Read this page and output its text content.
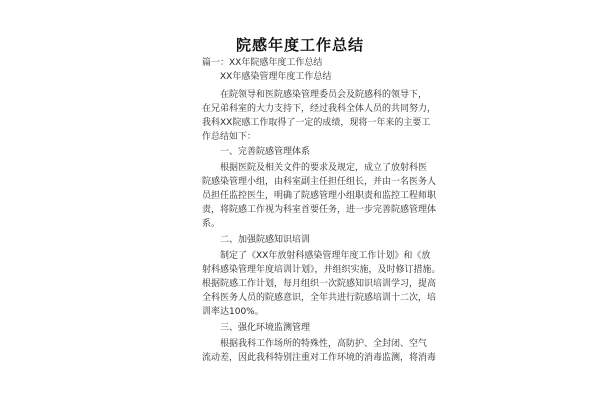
院感年度工作总结
篇一：XX年院感年度工作总结
XX年感染管理年度工作总结
在院领导和医院感染管理委员会及院感科的领导下，
在兄弟科室的大力支持下，经过我科全体人员的共同努力，
我科XX院感工作取得了一定的成绩，现将一年来的主要工
作总结如下：
一、完善院感管理体系
根据医院及相关文件的要求及规定，成立了放射科医
院感染管理小组，由科室副主任担任组长，并由一名医务人
员担任监控医生，明确了院感管理小组职责和监控工程师职
责，将院感工作视为科室首要任务，进一步完善院感管理体
系。
二、加强院感知识培训
制定了《XX年放射科感染管理年度工作计划》和《放
射科感染管理年度培训计划》，并组织实施，及时修订措施。
根据院感工作计划，每月组织一次院感知识培训学习，提高
全科医务人员的院感意识，全年共进行院感培训十二次，培
训率达100%。
三、强化环境监测管理
根据我科工作场所的特殊性，高防护、全封闭、空气
流动差，因此我科特别注重对工作环境的消毒监测，将消毒
